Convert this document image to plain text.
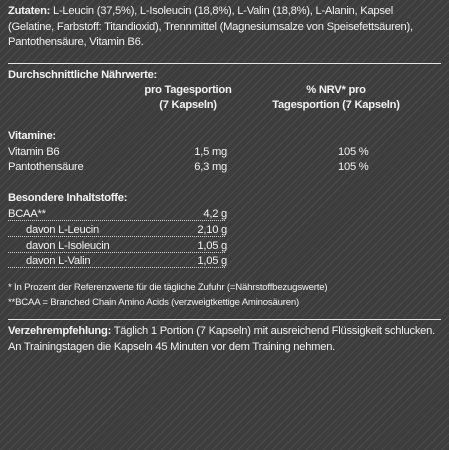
Zutaten: L-Leucin (37,5%), L-Isoleucin (18,8%), L-Valin (18,8%), L-Alanin, Kapsel (Gelatine, Farbstoff: Titandioxid), Trennmittel (Magnesiumsalze von Speisefettsäuren), Pantothensäure, Vitamin B6.

Durchschnittliche Nährwerte:
pro Tagesportion
(7 Kapseln)
% NRV* pro
Tagesportion (7 Kapseln)
Vitamine:
Vitamin B6	1,5 mg	105 %
Pantothensäure	6,3 mg	105 %
Besondere Inhaltstoffe:
BCAA**	4,2 g
davon L-Leucin	2,10 g
davon L-Isoleucin	1,05 g
davon L-Valin	1,05 g
* In Prozent der Referenzwerte für die tägliche Zufuhr (=Nährstoffbezugswerte)
**BCAA = Branched Chain Amino Acids (verzweigtkettige Aminosäuren)

Verzehrempfehlung: Täglich 1 Portion (7 Kapseln) mit ausreichend Flüssigkeit schlucken. An Trainingstagen die Kapseln 45 Minuten vor dem Training nehmen.
